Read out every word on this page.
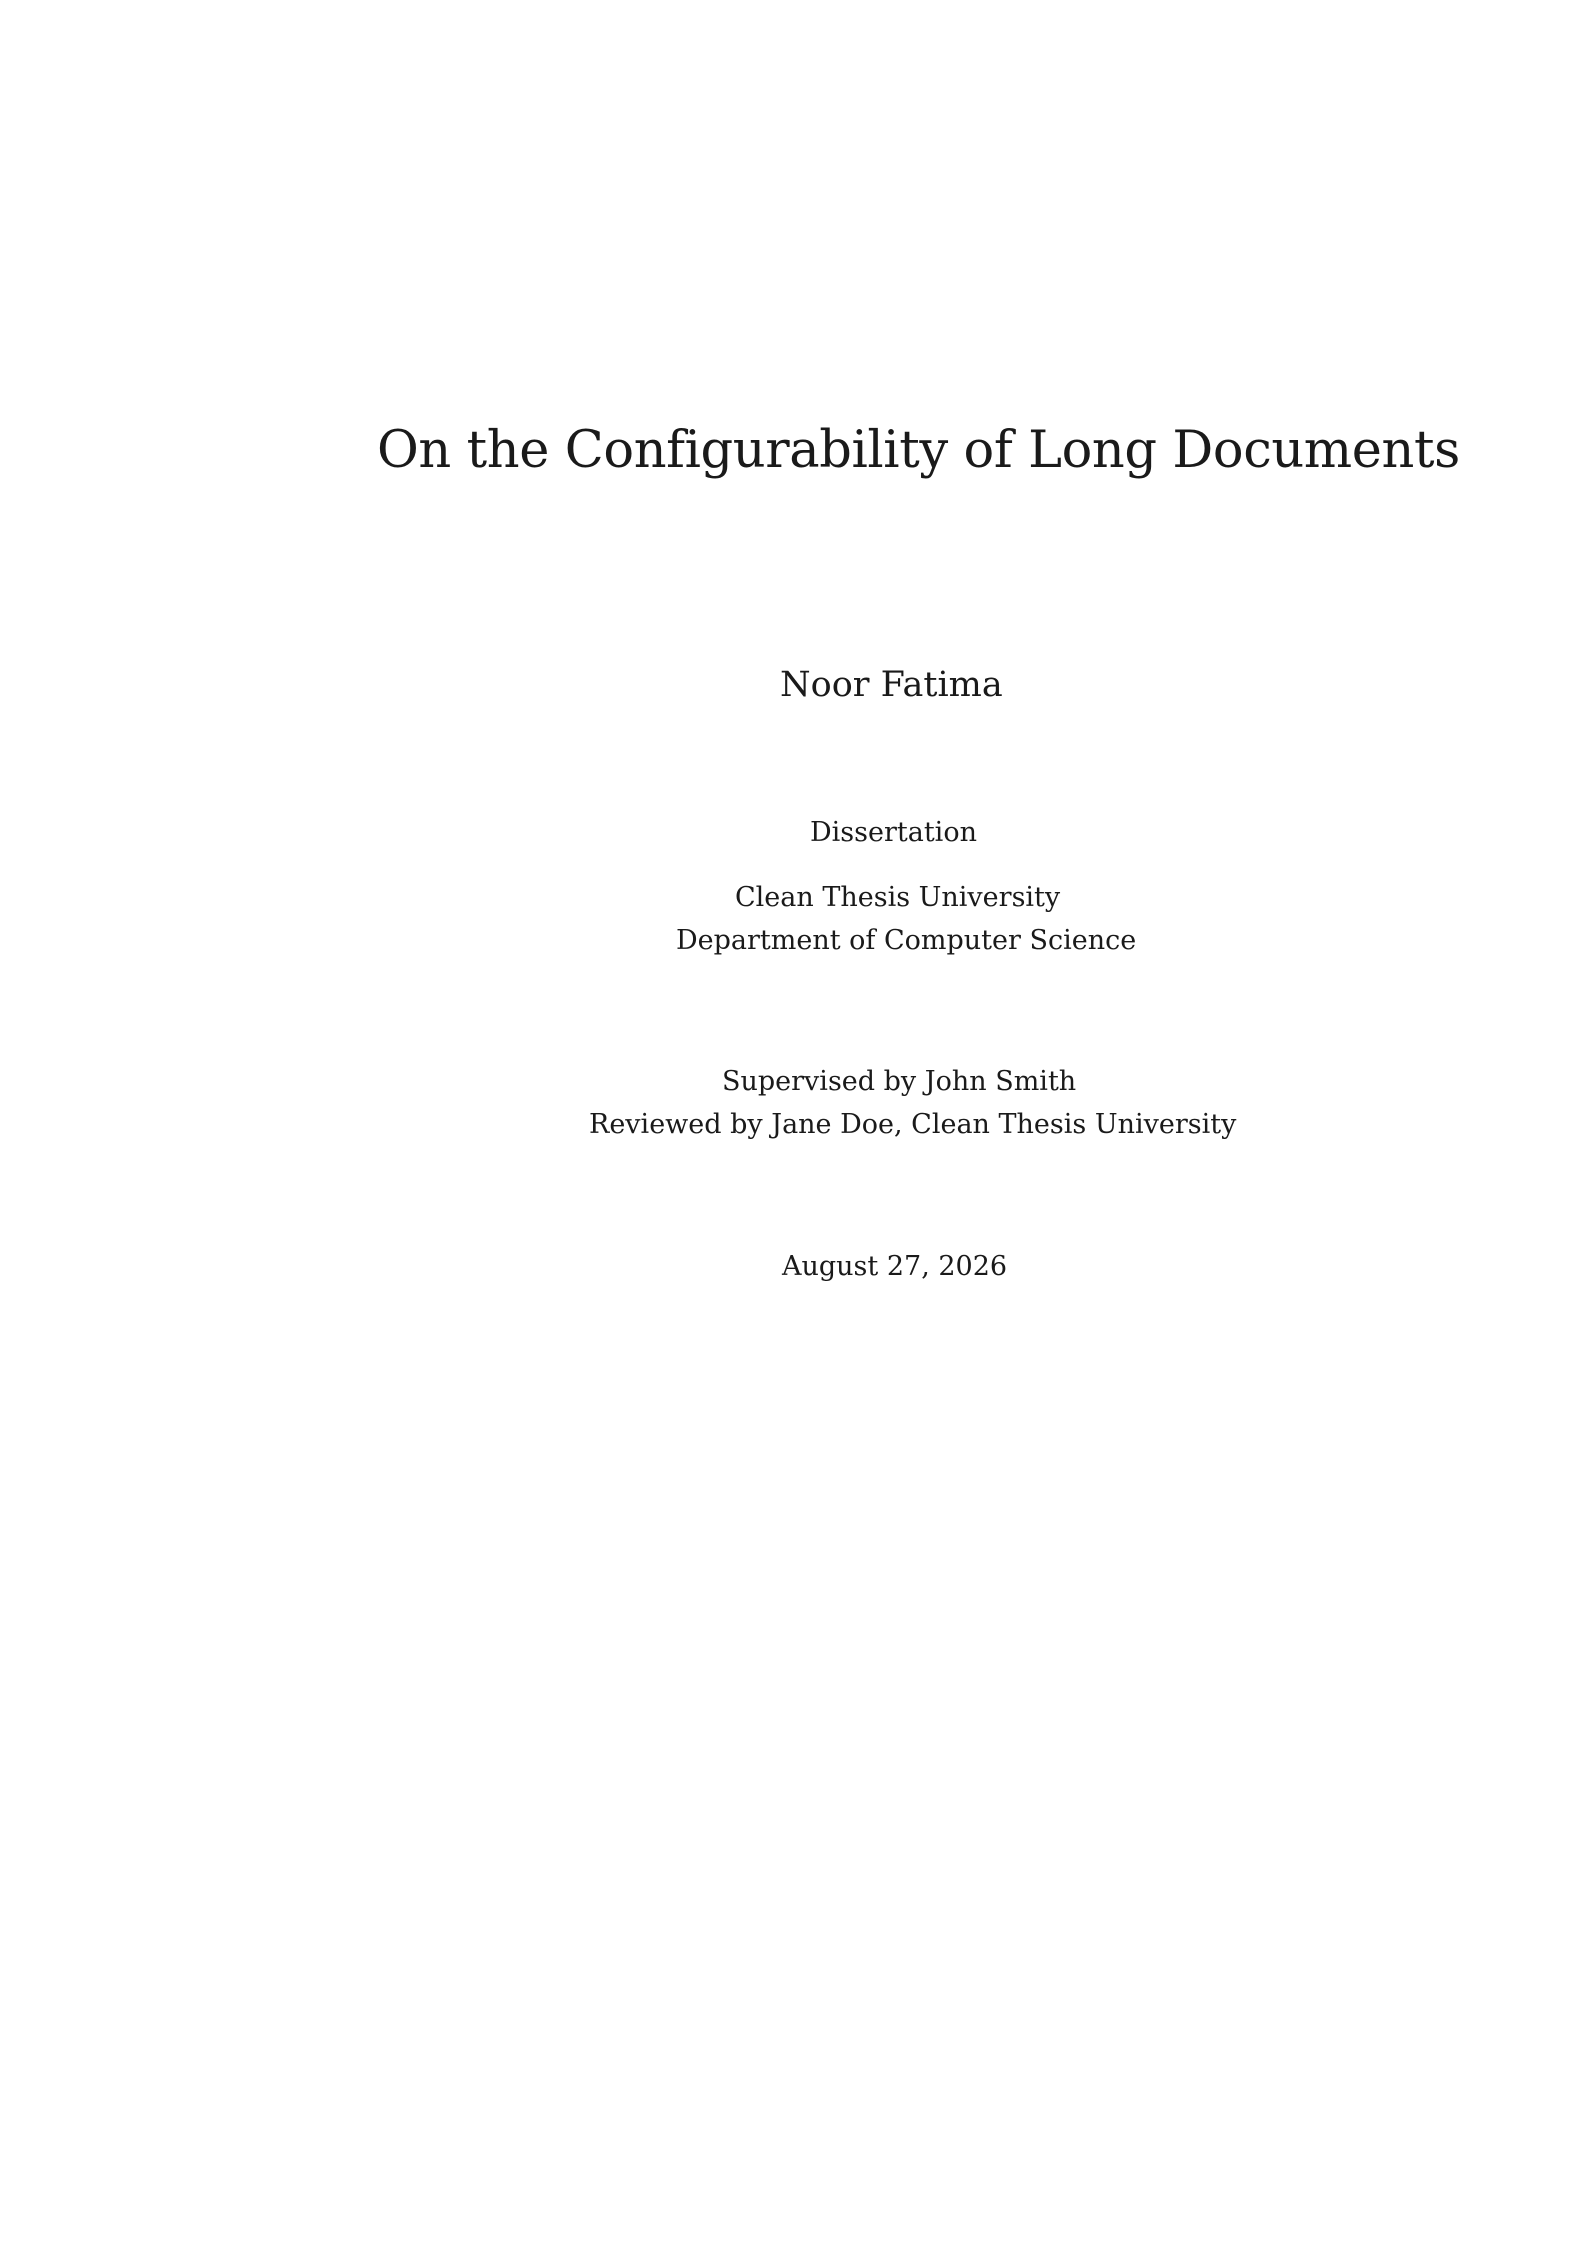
On the Configurability of Long Documents
Noor Fatima
Dissertation
Clean Thesis University
Department of Computer Science
Supervised by John Smith
Reviewed by Jane Doe, Clean Thesis University
August 27, 2026
